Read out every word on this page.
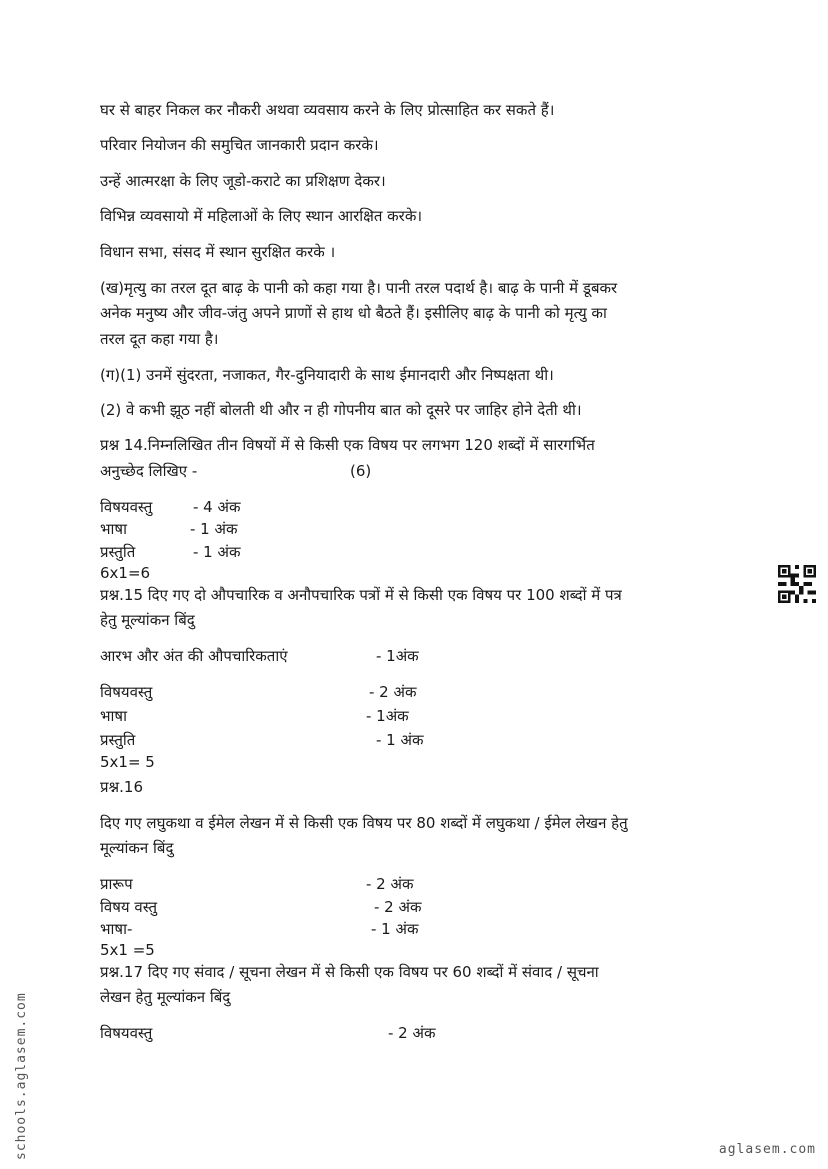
घर से बाहर निकल कर नौकरी अथवा व्यवसाय करने के लिए प्रोत्साहित कर सकते हैं।
परिवार नियोजन की समुचित जानकारी प्रदान करके।
उन्हें आत्मरक्षा के लिए जूडो-कराटे का प्रशिक्षण देकर।
विभिन्न व्यवसायो में महिलाओं के लिए स्थान आरक्षित करके।
विधान सभा, संसद में स्थान सुरक्षित करके ।
(ख)मृत्यु का तरल दूत बाढ़ के पानी को कहा गया है। पानी तरल पदार्थ है। बाढ़ के पानी में डूबकर
अनेक मनुष्य और जीव-जंतु अपने प्राणों से हाथ धो बैठते हैं। इसीलिए बाढ़ के पानी को मृत्यु का
तरल दूत कहा गया है।
(ग)(1) उनमें सुंदरता, नजाकत, गैर-दुनियादारी के साथ ईमानदारी और निष्पक्षता थी।
(2) वे कभी झूठ नहीं बोलती थी और न ही गोपनीय बात को दूसरे पर जाहिर होने देती थी।
प्रश्न 14.निम्नलिखित तीन विषयों में से किसी एक विषय पर लगभग 120 शब्दों में सारगर्भित
अनुच्छेद लिखिए -	(6)
विषयवस्तु	- 4 अंक
भाषा	- 1 अंक
प्रस्तुति	- 1 अंक
6x1=6
प्रश्न.15 दिए गए दो औपचारिक व अनौपचारिक पत्रों में से किसी एक विषय पर 100 शब्दों में पत्र
हेतु मूल्यांकन बिंदु
आरभ और अंत की औपचारिकताएं	- 1अंक
विषयवस्तु	- 2 अंक
भाषा	- 1अंक
प्रस्तुति	- 1 अंक
5x1= 5
प्रश्न.16
दिए गए लघुकथा व ईमेल लेखन में से किसी एक विषय पर 80 शब्दों में लघुकथा / ईमेल लेखन हेतु
मूल्यांकन बिंदु
प्रारूप	- 2 अंक
विषय वस्तु	- 2 अंक
भाषा-	- 1 अंक
5x1 =5
प्रश्न.17 दिए गए संवाद / सूचना लेखन में से किसी एक विषय पर 60 शब्दों में संवाद / सूचना
लेखन हेतु मूल्यांकन बिंदु
विषयवस्तु	- 2 अंक
schools.aglasem.com	aglasem.com
